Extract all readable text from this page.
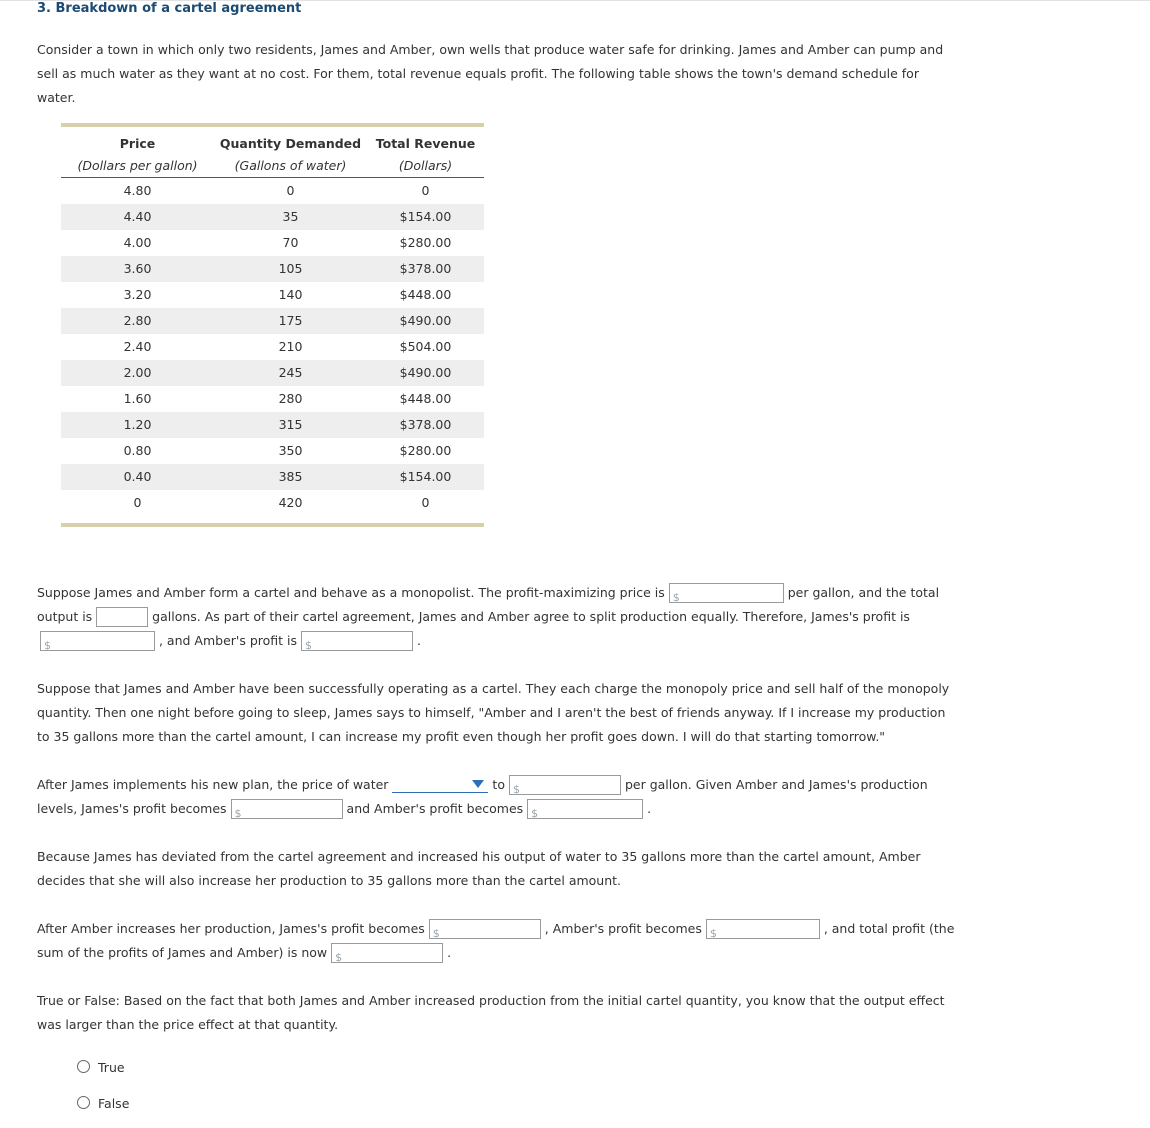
3. Breakdown of a cartel agreement

Consider a town in which only two residents, James and Amber, own wells that produce water safe for drinking. James and Amber can pump and sell as much water as they want at no cost. For them, total revenue equals profit. The following table shows the town's demand schedule for water.

Price
(Dollars per gallon)
Quantity Demanded
(Gallons of water)
Total Revenue
(Dollars)
4.80	0	0
4.40	35	$154.00
4.00	70	$280.00
3.60	105	$378.00
3.20	140	$448.00
2.80	175	$490.00
2.40	210	$504.00
2.00	245	$490.00
1.60	280	$448.00
1.20	315	$378.00
0.80	350	$280.00
0.40	385	$154.00
0	420	0
Suppose James and Amber form a cartel and behave as a monopolist. The profit-maximizing price is $	per gallon, and the total
output is	gallons. As part of their cartel agreement, James and Amber agree to split production equally. Therefore, James's profit is
$	, and Amber's profit is $	.

Suppose that James and Amber have been successfully operating as a cartel. They each charge the monopoly price and sell half of the monopoly quantity. Then one night before going to sleep, James says to himself, "Amber and I aren't the best of friends anyway. If I increase my production to 35 gallons more than the cartel amount, I can increase my profit even though her profit goes down. I will do that starting tomorrow."

After James implements his new plan, the price of water	to $	per gallon. Given Amber and James's production
levels, James's profit becomes $	and Amber's profit becomes $	.

Because James has deviated from the cartel agreement and increased his output of water to 35 gallons more than the cartel amount, Amber decides that she will also increase her production to 35 gallons more than the cartel amount.

After Amber increases her production, James's profit becomes $	, Amber's profit becomes $	, and total profit (the
sum of the profits of James and Amber) is now $	.

True or False: Based on the fact that both James and Amber increased production from the initial cartel quantity, you know that the output effect was larger than the price effect at that quantity.

True
False
